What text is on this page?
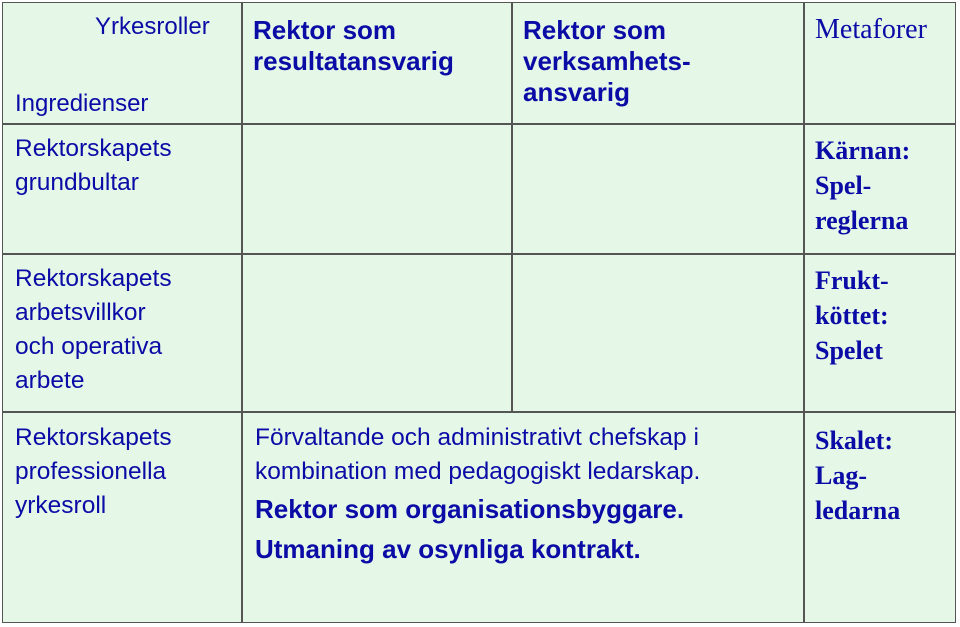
Yrkesroller
Ingredienser
Rektor som
resultatansvarig
Rektor som
verksamhets-
ansvarig
Metaforer
Rektorskapets
grundbultar
Kärnan:
Spel-
reglerna
Rektorskapets
arbetsvillkor
och operativa
arbete
Frukt-
köttet:
Spelet
Rektorskapets
professionella
yrkesroll
Förvaltande och administrativt chefskap i
kombination med pedagogiskt ledarskap.
Rektor som organisationsbyggare.
Utmaning av osynliga kontrakt.
Skalet:
Lag-
ledarna
